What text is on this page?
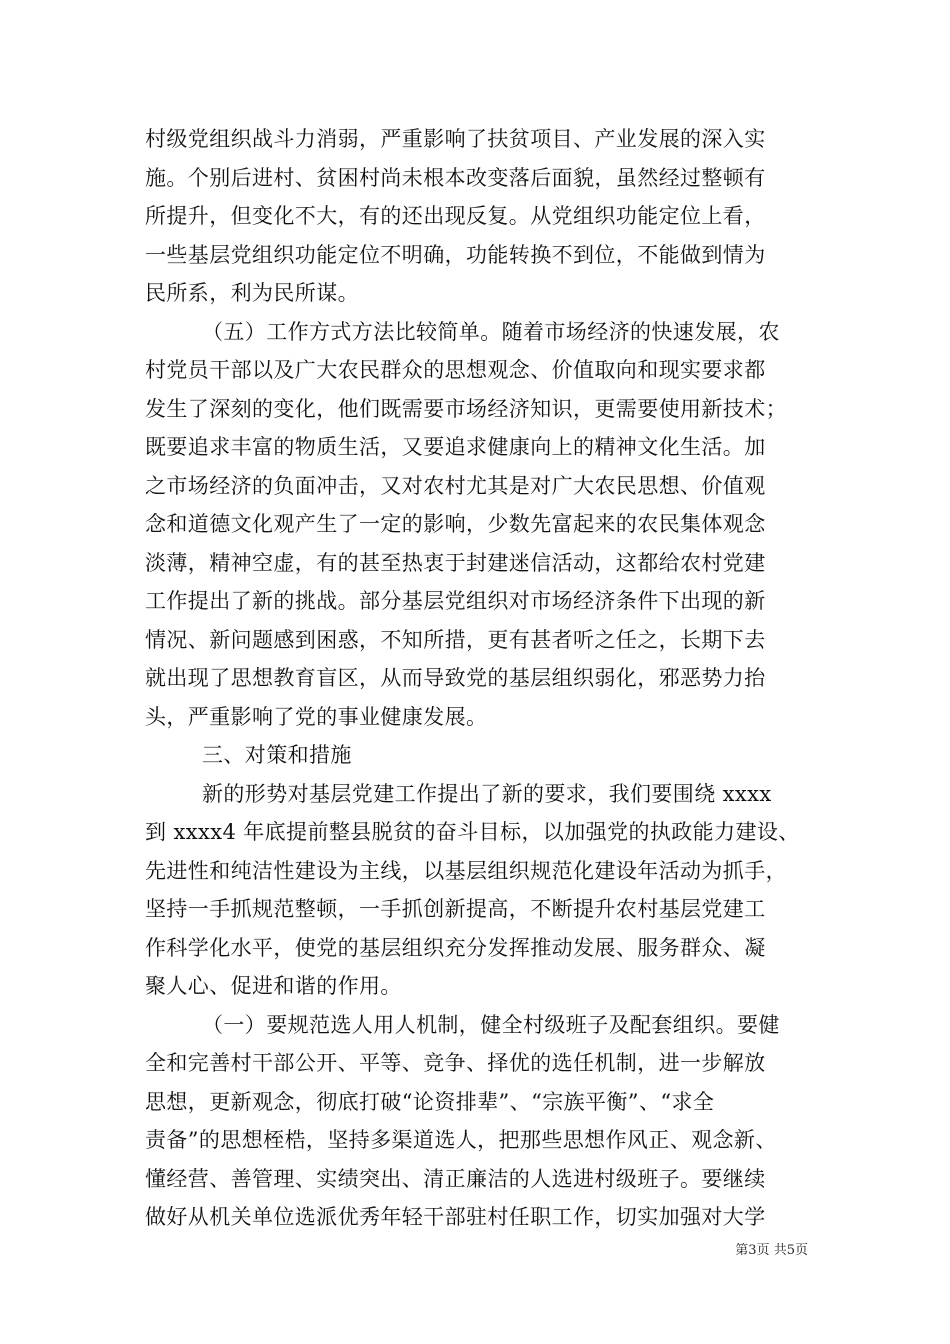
村级党组织战斗力消弱，严重影响了扶贫项目、产业发展的深入实
施。个别后进村、贫困村尚未根本改变落后面貌，虽然经过整顿有
所提升，但变化不大，有的还出现反复。从党组织功能定位上看，
一些基层党组织功能定位不明确，功能转换不到位，不能做到情为
民所系，利为民所谋。
（五）工作方式方法比较简单。随着市场经济的快速发展，农
村党员干部以及广大农民群众的思想观念、价值取向和现实要求都
发生了深刻的变化，他们既需要市场经济知识，更需要使用新技术；
既要追求丰富的物质生活，又要追求健康向上的精神文化生活。加
之市场经济的负面冲击，又对农村尤其是对广大农民思想、价值观
念和道德文化观产生了一定的影响，少数先富起来的农民集体观念
淡薄，精神空虚，有的甚至热衷于封建迷信活动，这都给农村党建
工作提出了新的挑战。部分基层党组织对市场经济条件下出现的新
情况、新问题感到困惑，不知所措，更有甚者听之任之，长期下去
就出现了思想教育盲区，从而导致党的基层组织弱化，邪恶势力抬
头，严重影响了党的事业健康发展。
三、对策和措施
新的形势对基层党建工作提出了新的要求，我们要围绕 xxxx
到 xxxx4 年底提前整县脱贫的奋斗目标，以加强党的执政能力建设、
先进性和纯洁性建设为主线，以基层组织规范化建设年活动为抓手，
坚持一手抓规范整顿，一手抓创新提高，不断提升农村基层党建工
作科学化水平，使党的基层组织充分发挥推动发展、服务群众、凝
聚人心、促进和谐的作用。
（一）要规范选人用人机制，健全村级班子及配套组织。要健
全和完善村干部公开、平等、竞争、择优的选任机制，进一步解放
思想，更新观念，彻底打破“论资排辈”、“宗族平衡”、“求全
责备”的思想桎梏，坚持多渠道选人，把那些思想作风正、观念新、
懂经营、善管理、实绩突出、清正廉洁的人选进村级班子。要继续
做好从机关单位选派优秀年轻干部驻村任职工作，切实加强对大学
第3页 共5页
